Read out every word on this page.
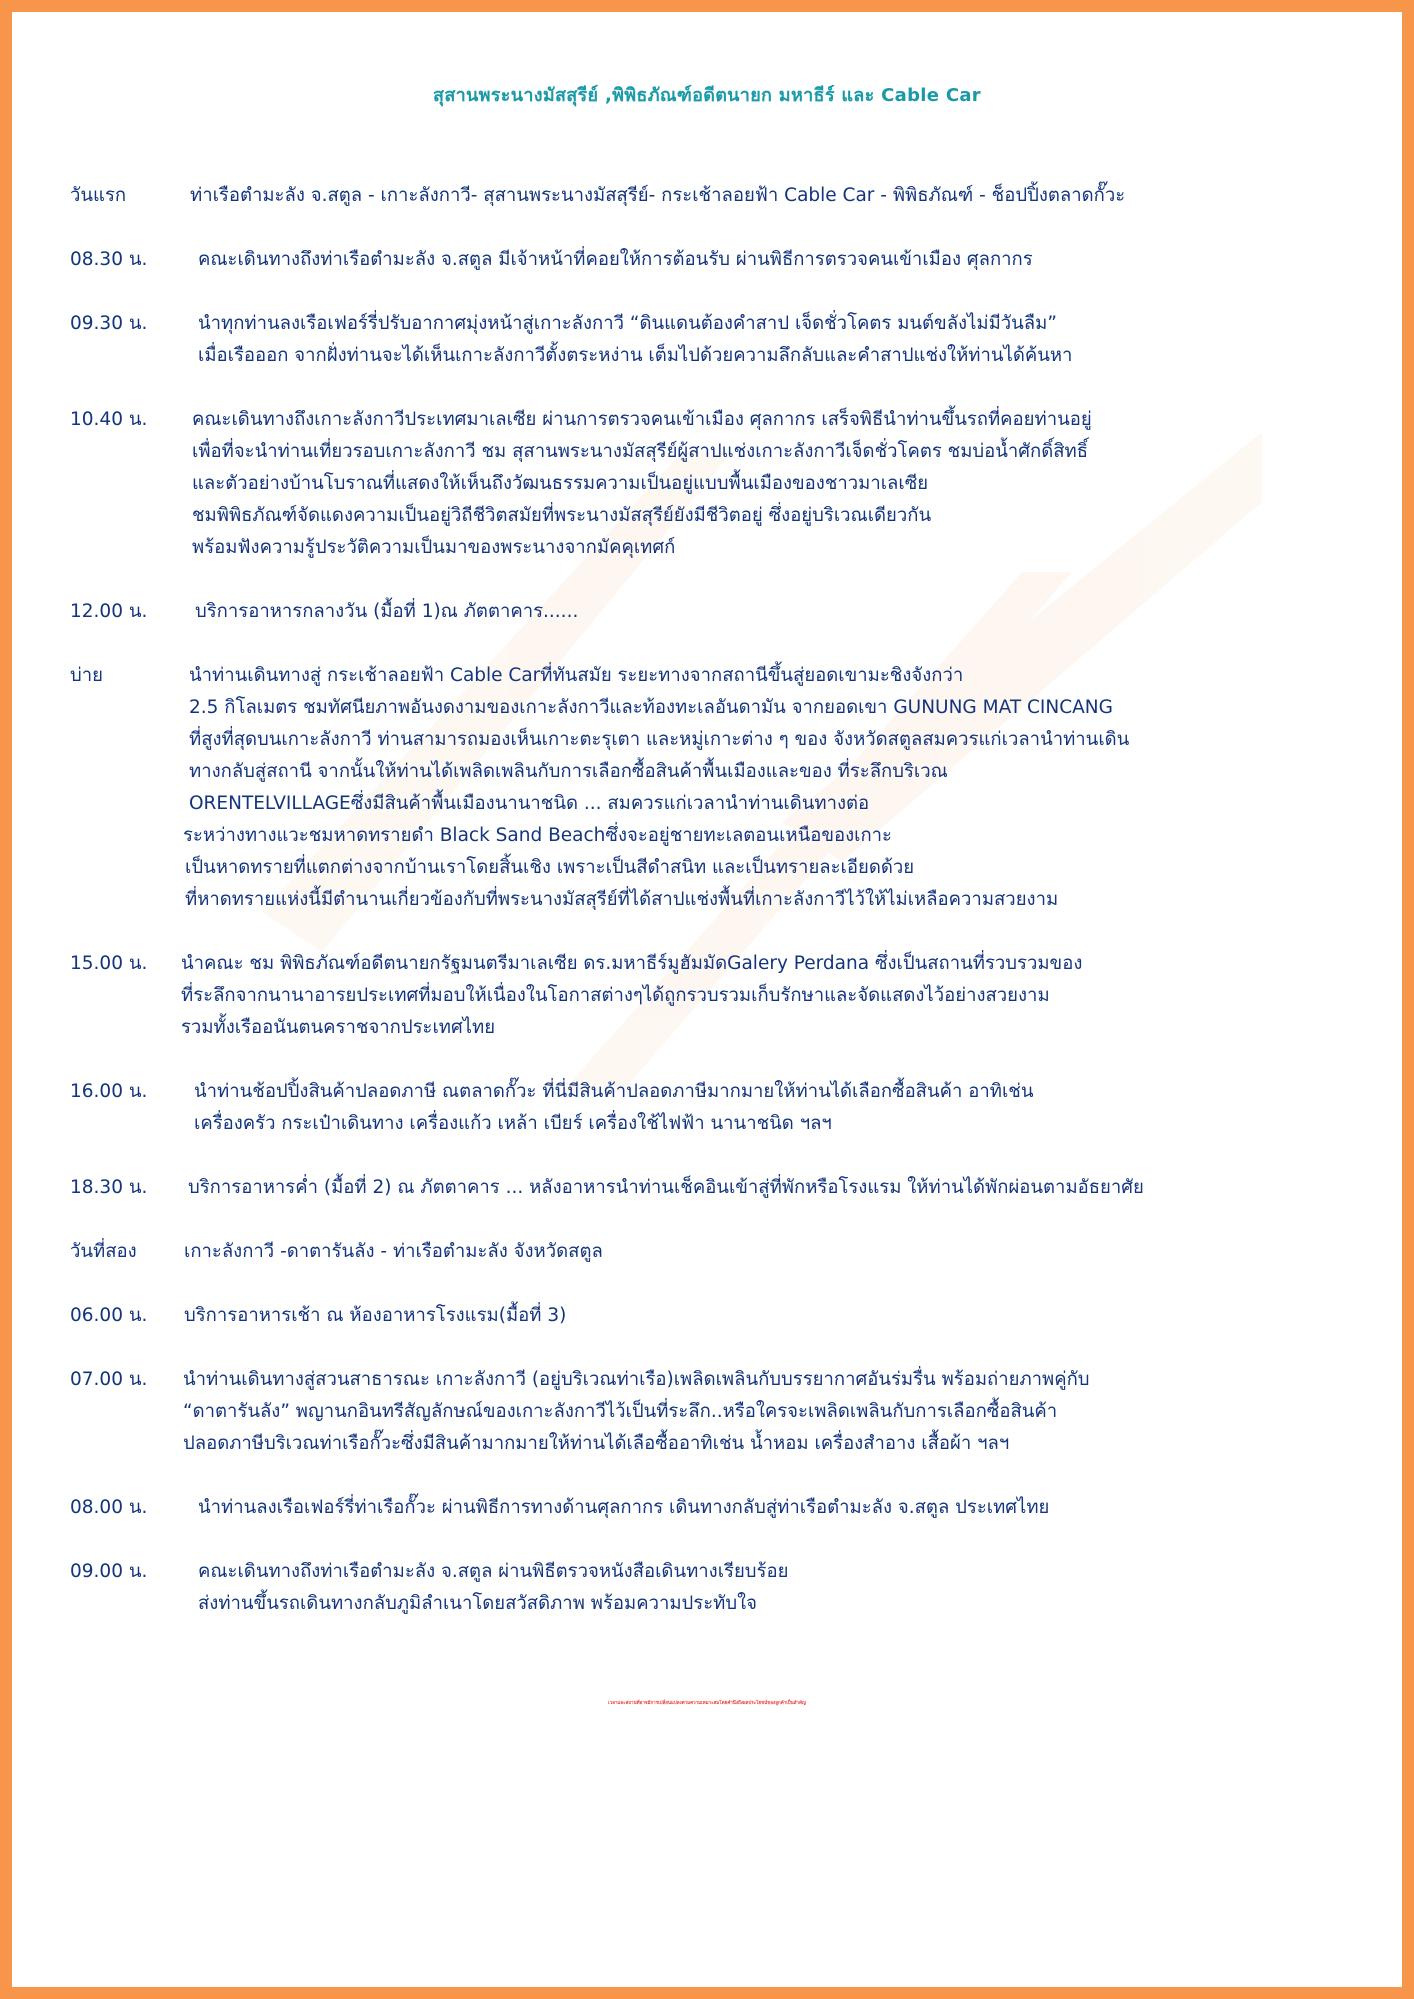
สุสานพระนางมัสสุรีย์ ,พิพิธภัณฑ์อดีตนายก มหาธีร์ และ Cable Car
วันแรก	ท่าเรือตำมะลัง จ.สตูล - เกาะลังกาวี- สุสานพระนางมัสสุรีย์- กระเช้าลอยฟ้า Cable Car - พิพิธภัณฑ์ - ช็อปปิ้งตลาดกั๊วะ
08.30 น.	คณะเดินทางถึงท่าเรือตำมะลัง จ.สตูล มีเจ้าหน้าที่คอยให้การต้อนรับ ผ่านพิธีการตรวจคนเข้าเมือง ศุลกากร
09.30 น.	นำทุกท่านลงเรือเฟอร์รี่ปรับอากาศมุ่งหน้าสู่เกาะลังกาวี “ดินแดนต้องคำสาป เจ็ดชั่วโคตร มนต์ขลังไม่มีวันลืม”
เมื่อเรือออก จากฝั่งท่านจะได้เห็นเกาะลังกาวีตั้งตระหง่าน เต็มไปด้วยความลึกลับและคำสาปแช่งให้ท่านได้ค้นหา
10.40 น.	คณะเดินทางถึงเกาะลังกาวีประเทศมาเลเซีย ผ่านการตรวจคนเข้าเมือง ศุลกากร เสร็จพิธีนำท่านขึ้นรถที่คอยท่านอยู่
เพื่อที่จะนำท่านเที่ยวรอบเกาะลังกาวี ชม สุสานพระนางมัสสุรีย์ผู้สาปแช่งเกาะลังกาวีเจ็ดชั่วโคตร ชมบ่อน้ำศักดิ์สิทธิ์
และตัวอย่างบ้านโบราณที่แสดงให้เห็นถึงวัฒนธรรมความเป็นอยู่แบบพื้นเมืองของชาวมาเลเซีย
ชมพิพิธภัณฑ์จัดแดงความเป็นอยู่วิถีชีวิตสมัยที่พระนางมัสสุรีย์ยังมีชีวิตอยู่ ซึ่งอยู่บริเวณเดียวกัน
พร้อมฟังความรู้ประวัติความเป็นมาของพระนางจากมัคคุเทศก์
12.00 น.	บริการอาหารกลางวัน (มื้อที่ 1)ณ ภัตตาคาร......
บ่าย	นำท่านเดินทางสู่ กระเช้าลอยฟ้า Cable Carที่ทันสมัย ระยะทางจากสถานีขึ้นสู่ยอดเขามะชิงจังกว่า
2.5 กิโลเมตร ชมทัศนียภาพอันงดงามของเกาะลังกาวีและท้องทะเลอันดามัน จากยอดเขา GUNUNG MAT CINCANG
ที่สูงที่สุดบนเกาะลังกาวี ท่านสามารถมองเห็นเกาะตะรุเตา และหมู่เกาะต่าง ๆ ของ จังหวัดสตูลสมควรแก่เวลานำท่านเดิน
ทางกลับสู่สถานี จากนั้นให้ท่านได้เพลิดเพลินกับการเลือกซื้อสินค้าพื้นเมืองและของ ที่ระลึกบริเวณ
ORENTELVILLAGEซึ่งมีสินค้าพื้นเมืองนานาชนิด ... สมควรแก่เวลานำท่านเดินทางต่อ
ระหว่างทางแวะชมหาดทรายดำ Black Sand Beachซึ่งจะอยู่ชายทะเลตอนเหนือของเกาะ
เป็นหาดทรายที่แตกต่างจากบ้านเราโดยสิ้นเชิง เพราะเป็นสีดำสนิท และเป็นทรายละเอียดด้วย
ที่หาดทรายแห่งนี้มีตำนานเกี่ยวข้องกับที่พระนางมัสสุรีย์ที่ได้สาปแช่งพื้นที่เกาะลังกาวีไว้ให้ไม่เหลือความสวยงาม
15.00 น.	นำคณะ ชม พิพิธภัณฑ์อดีตนายกรัฐมนตรีมาเลเซีย ดร.มหาธีร์มูฮัมมัดGalery Perdana ซึ่งเป็นสถานที่รวบรวมของ
ที่ระลึกจากนานาอารยประเทศที่มอบให้เนื่องในโอกาสต่างๆได้ถูกรวบรวมเก็บรักษาและจัดแสดงไว้อย่างสวยงาม
รวมทั้งเรืออนันตนคราชจากประเทศไทย
16.00 น.	นำท่านช้อปปิ้งสินค้าปลอดภาษี ณตลาดกั๊วะ ที่นี่มีสินค้าปลอดภาษีมากมายให้ท่านได้เลือกซื้อสินค้า อาทิเช่น
เครื่องครัว กระเป๋าเดินทาง เครื่องแก้ว เหล้า เบียร์ เครื่องใช้ไฟฟ้า นานาชนิด ฯลฯ
18.30 น.	บริการอาหารค่ำ (มื้อที่ 2) ณ ภัตตาคาร ... หลังอาหารนำท่านเช็คอินเข้าสู่ที่พักหรือโรงแรม ให้ท่านได้พักผ่อนตามอัธยาศัย
วันที่สอง	เกาะลังกาวี -ดาตารันลัง - ท่าเรือตำมะลัง จังหวัดสตูล
06.00 น.	บริการอาหารเช้า ณ ห้องอาหารโรงแรม(มื้อที่ 3)
07.00 น.	นำท่านเดินทางสู่สวนสาธารณะ เกาะลังกาวี (อยู่บริเวณท่าเรือ)เพลิดเพลินกับบรรยากาศอันร่มรื่น พร้อมถ่ายภาพคู่กับ
“ดาตารันลัง” พญานกอินทรีสัญลักษณ์ของเกาะลังกาวีไว้เป็นที่ระลึก..หรือใครจะเพลิดเพลินกับการเลือกซื้อสินค้า
ปลอดภาษีบริเวณท่าเรือกั๊วะซึ่งมีสินค้ามากมายให้ท่านได้เลือซื้ออาทิเช่น น้ำหอม เครื่องสำอาง เสื้อผ้า ฯลฯ
08.00 น.	นำท่านลงเรือเฟอร์รี่ท่าเรือกั๊วะ ผ่านพิธีการทางด้านศุลกากร เดินทางกลับสู่ท่าเรือตำมะลัง จ.สตูล ประเทศไทย
09.00 น.	คณะเดินทางถึงท่าเรือตำมะลัง จ.สตูล ผ่านพิธีตรวจหนังสือเดินทางเรียบร้อย
ส่งท่านขึ้นรถเดินทางกลับภูมิลำเนาโดยสวัสดิภาพ พร้อมความประทับใจ
เวลาและสถานที่อาจมีการเปลี่ยนแปลงตามความเหมาะสมโดยคำนึงถึงผลประโยชน์ของลูกค้าเป็นสำคัญ
